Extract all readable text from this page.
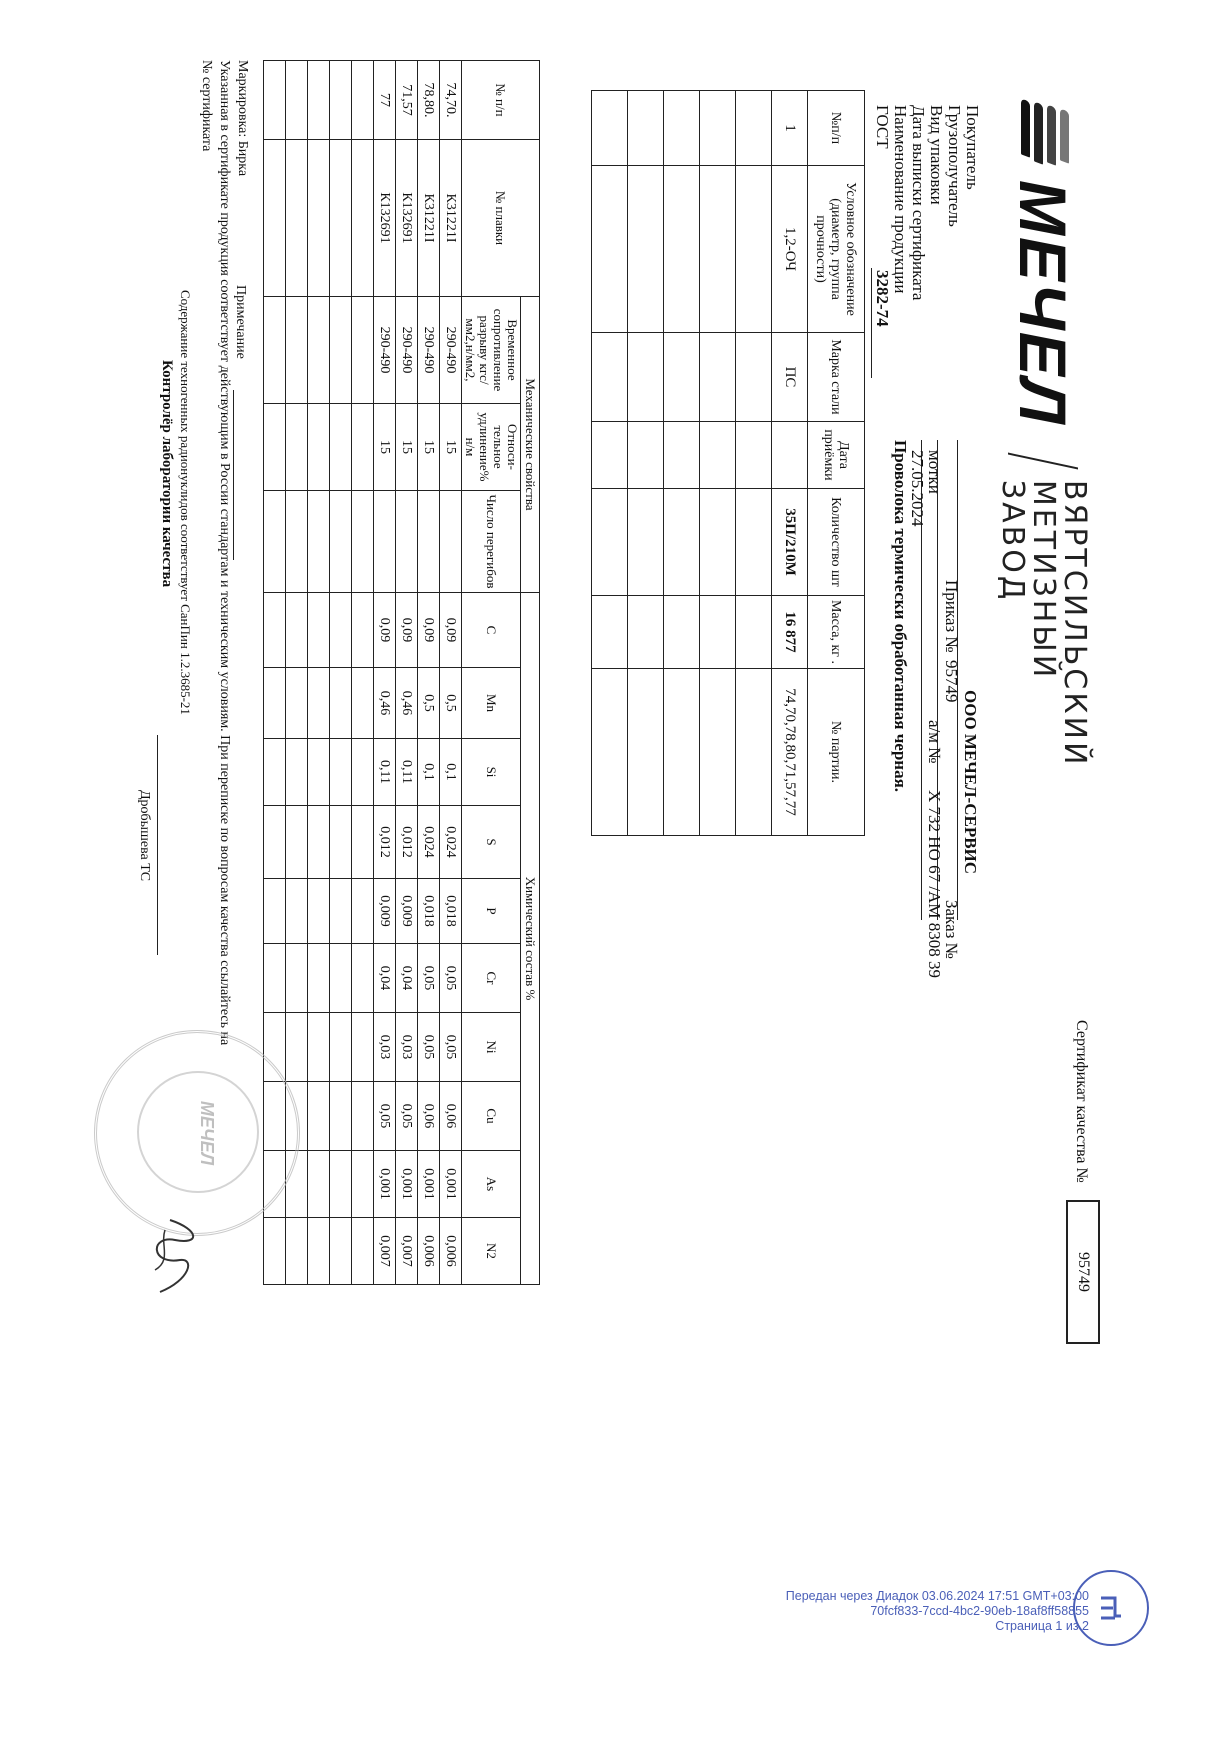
МЕЧЕЛ
ВЯРТСИЛЬСКИЙ
МЕТИЗНЫЙ
ЗАВОД
Сертификат качества №
95749
Покупатель
Грузополучатель
Вид упаковки
Дата выписки сертификата
Наименование продукции
ГОСТ
ООО МЕЧЕЛ-СЕРВИС
Приказ №
95749
Заказ №
мотки
а/м №
Х 732 НО 67 /АМ 8308 39
27.05.2024
Проволока термически обработанная черная.
3282-74
№п/п	Условное обозначение (диаметр, группа прочности)	Марка стали	Дата приёмки	Количество шт	Масса, кг .	№ партии.
1	1,2-ОЧ	ПС		35П/210М	16 877	74,70,78,80,71,57,77

№ п/п	№ плавки	Механические свойства			Химический состав %									
		Временное сопротивление разрыву кгс/мм2,н/мм2,	Относи-тельное удлинение% н/м	Число перегибов	C	Mn	Si	S	P	Cr	Ni	Cu	As	N2
74,70.	К31221I	290-490	15		0,09	0,5	0,1	0,024	0,018	0,05	0,05	0,06	0,001	0,006
78,80.	К31221I	290-490	15		0,09	0,5	0,1	0,024	0,018	0,05	0,05	0,06	0,001	0,006
71,57	К132691	290-490	15		0,09	0,46	0,11	0,012	0,009	0,04	0,03	0,05	0,001	0,007
77	К132691	290-490	15		0,09	0,46	0,11	0,012	0,009	0,04	0,03	0,05	0,001	0,007

Маркировка: Бирка
Указанная в сертификате продукция соответствует действующим в России стандартам и техническим условиям. При переписке по вопросам качества ссылайтесь на
№ сертификата
Примечание
Содержание техногенных радионуклидов соответствует СанПин 1.2.3685-21
Контролёр лаборатории качества
Дробышева ТС
МЕЧЕЛ
Передан через Диадок 03.06.2024 17:51 GMT+03:00
70fcf833-7ccd-4bc2-90eb-18af8ff58855
Страница 1 из 2
